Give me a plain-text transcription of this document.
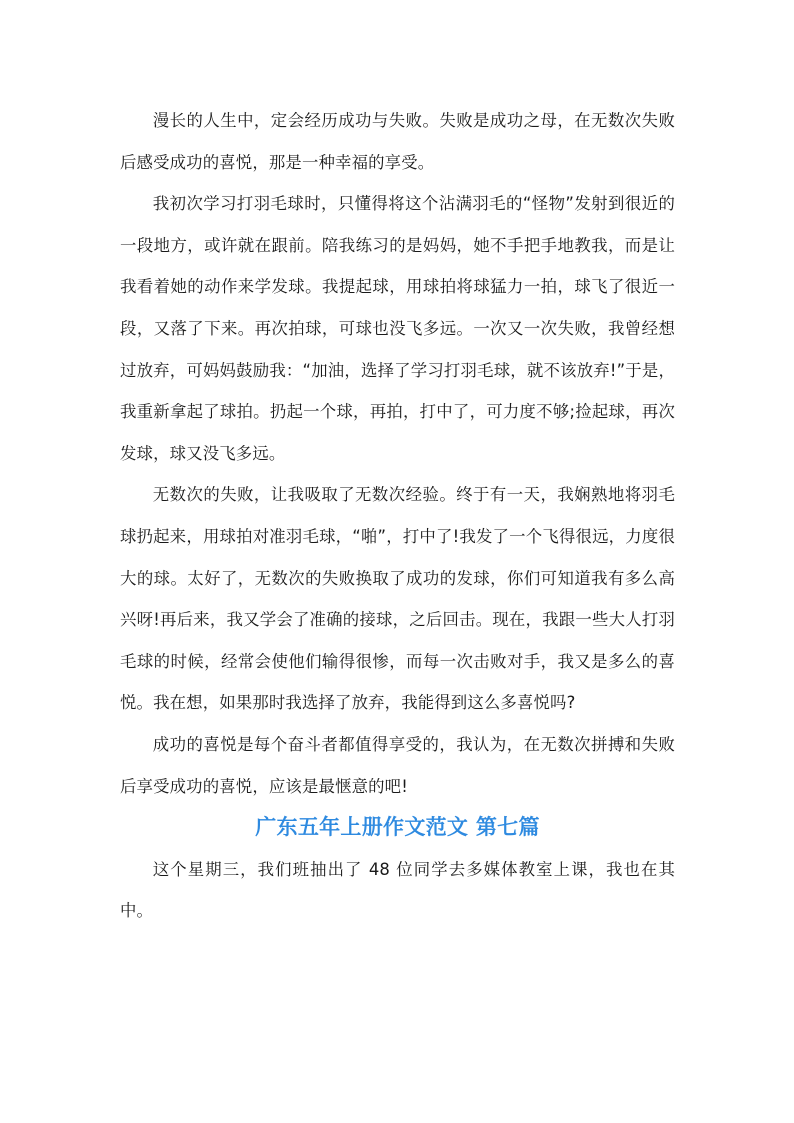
漫长的人生中，定会经历成功与失败。失败是成功之母，在无数次失败后感受成功的喜悦，那是一种幸福的享受。

我初次学习打羽毛球时，只懂得将这个沾满羽毛的“怪物”发射到很近的一段地方，或许就在跟前。陪我练习的是妈妈，她不手把手地教我，而是让我看着她的动作来学发球。我提起球，用球拍将球猛力一拍，球飞了很近一段，又落了下来。再次拍球，可球也没飞多远。一次又一次失败，我曾经想过放弃，可妈妈鼓励我：“加油，选择了学习打羽毛球，就不该放弃!”于是，我重新拿起了球拍。扔起一个球，再拍，打中了，可力度不够;捡起球，再次发球，球又没飞多远。

无数次的失败，让我吸取了无数次经验。终于有一天，我娴熟地将羽毛球扔起来，用球拍对准羽毛球，“啪”，打中了!我发了一个飞得很远，力度很大的球。太好了，无数次的失败换取了成功的发球，你们可知道我有多么高兴呀!再后来，我又学会了准确的接球，之后回击。现在，我跟一些大人打羽毛球的时候，经常会使他们输得很惨，而每一次击败对手，我又是多么的喜悦。我在想，如果那时我选择了放弃，我能得到这么多喜悦吗?

成功的喜悦是每个奋斗者都值得享受的，我认为，在无数次拼搏和失败后享受成功的喜悦，应该是最惬意的吧!

广东五年上册作文范文 第七篇

这个星期三，我们班抽出了 48 位同学去多媒体教室上课，我也在其中。
